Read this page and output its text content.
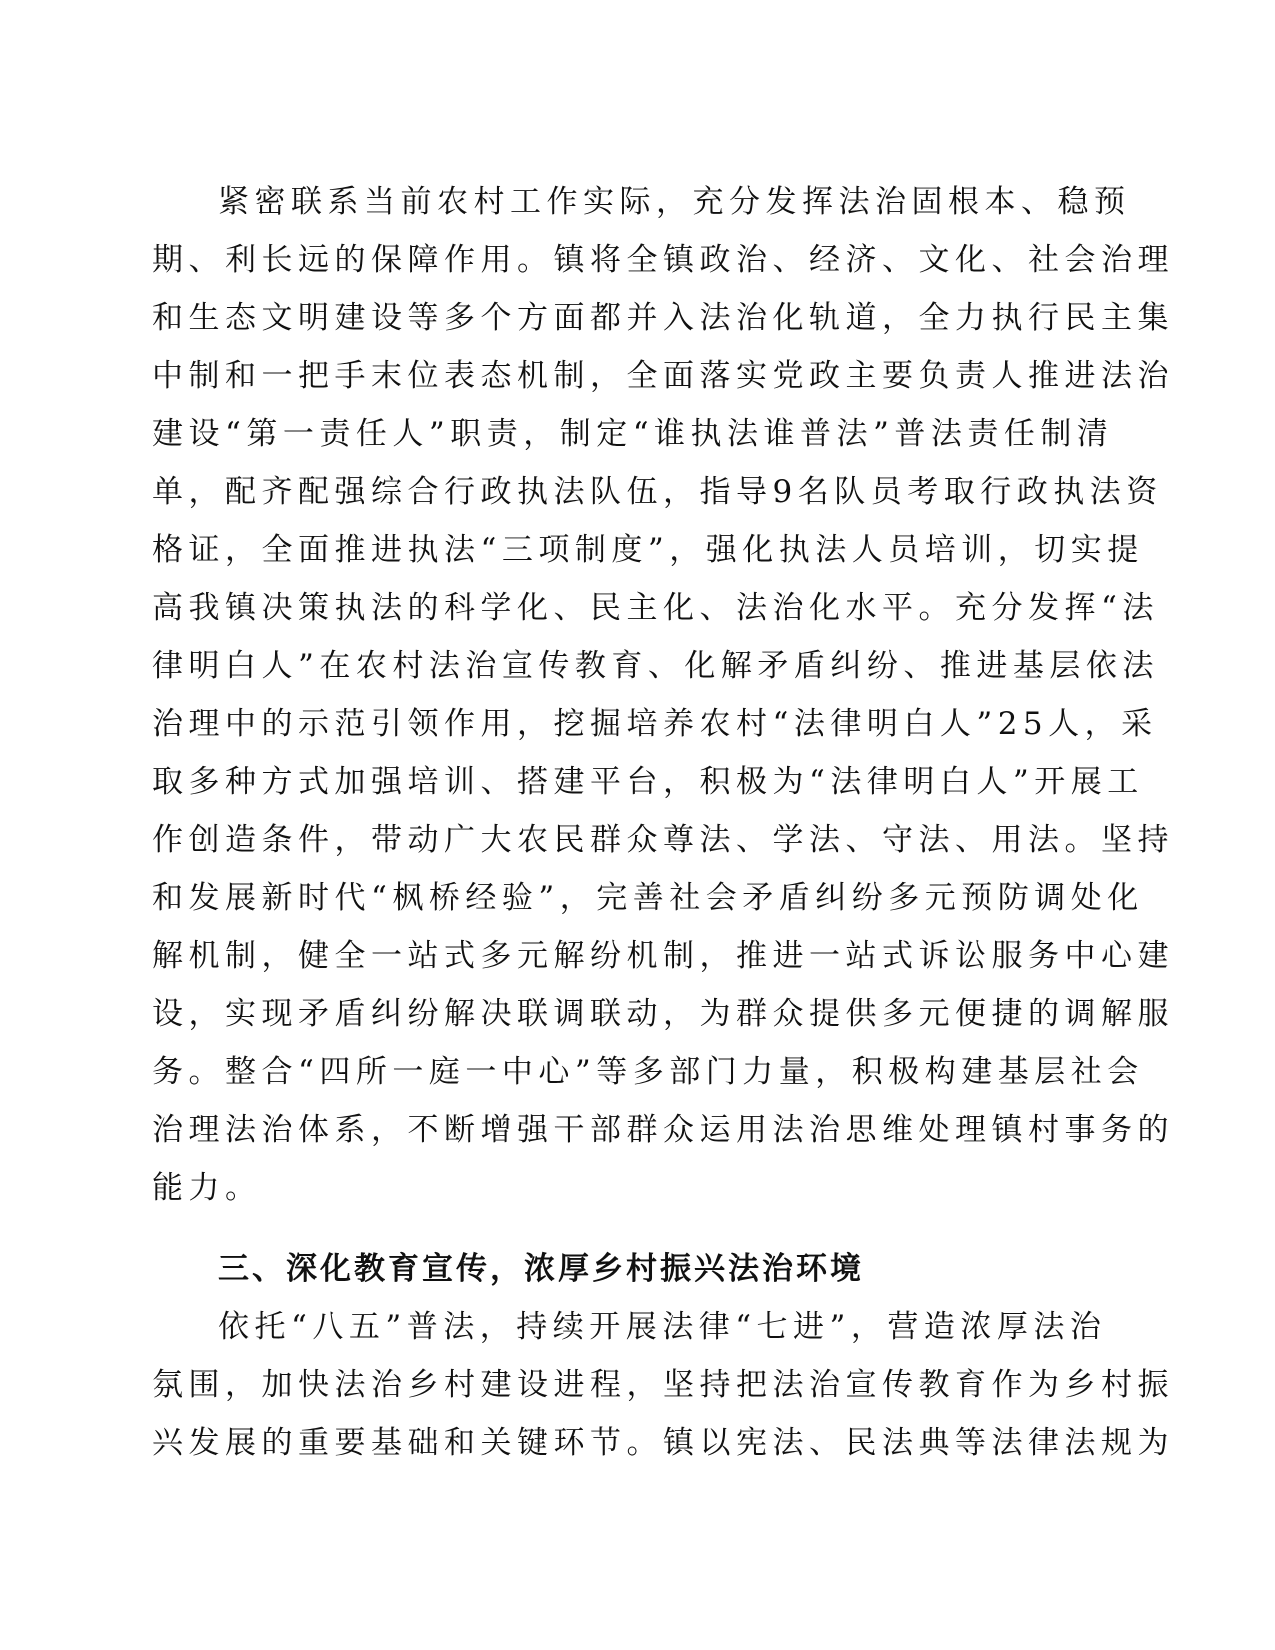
紧密联系当前农村工作实际，充分发挥法治固根本、稳预
期、利长远的保障作用。镇将全镇政治、经济、文化、社会治理
和生态文明建设等多个方面都并入法治化轨道，全力执行民主集
中制和一把手末位表态机制，全面落实党政主要负责人推进法治
建设“第一责任人”职责，制定“谁执法谁普法”普法责任制清
单，配齐配强综合行政执法队伍，指导9名队员考取行政执法资
格证，全面推进执法“三项制度”，强化执法人员培训，切实提
高我镇决策执法的科学化、民主化、法治化水平。充分发挥“法
律明白人”在农村法治宣传教育、化解矛盾纠纷、推进基层依法
治理中的示范引领作用，挖掘培养农村“法律明白人”25人，采
取多种方式加强培训、搭建平台，积极为“法律明白人”开展工
作创造条件，带动广大农民群众尊法、学法、守法、用法。坚持
和发展新时代“枫桥经验”，完善社会矛盾纠纷多元预防调处化
解机制，健全一站式多元解纷机制，推进一站式诉讼服务中心建
设，实现矛盾纠纷解决联调联动，为群众提供多元便捷的调解服
务。整合“四所一庭一中心”等多部门力量，积极构建基层社会
治理法治体系，不断增强干部群众运用法治思维处理镇村事务的
能力。
三、深化教育宣传，浓厚乡村振兴法治环境
依托“八五”普法，持续开展法律“七进”，营造浓厚法治
氛围，加快法治乡村建设进程，坚持把法治宣传教育作为乡村振
兴发展的重要基础和关键环节。镇以宪法、民法典等法律法规为
